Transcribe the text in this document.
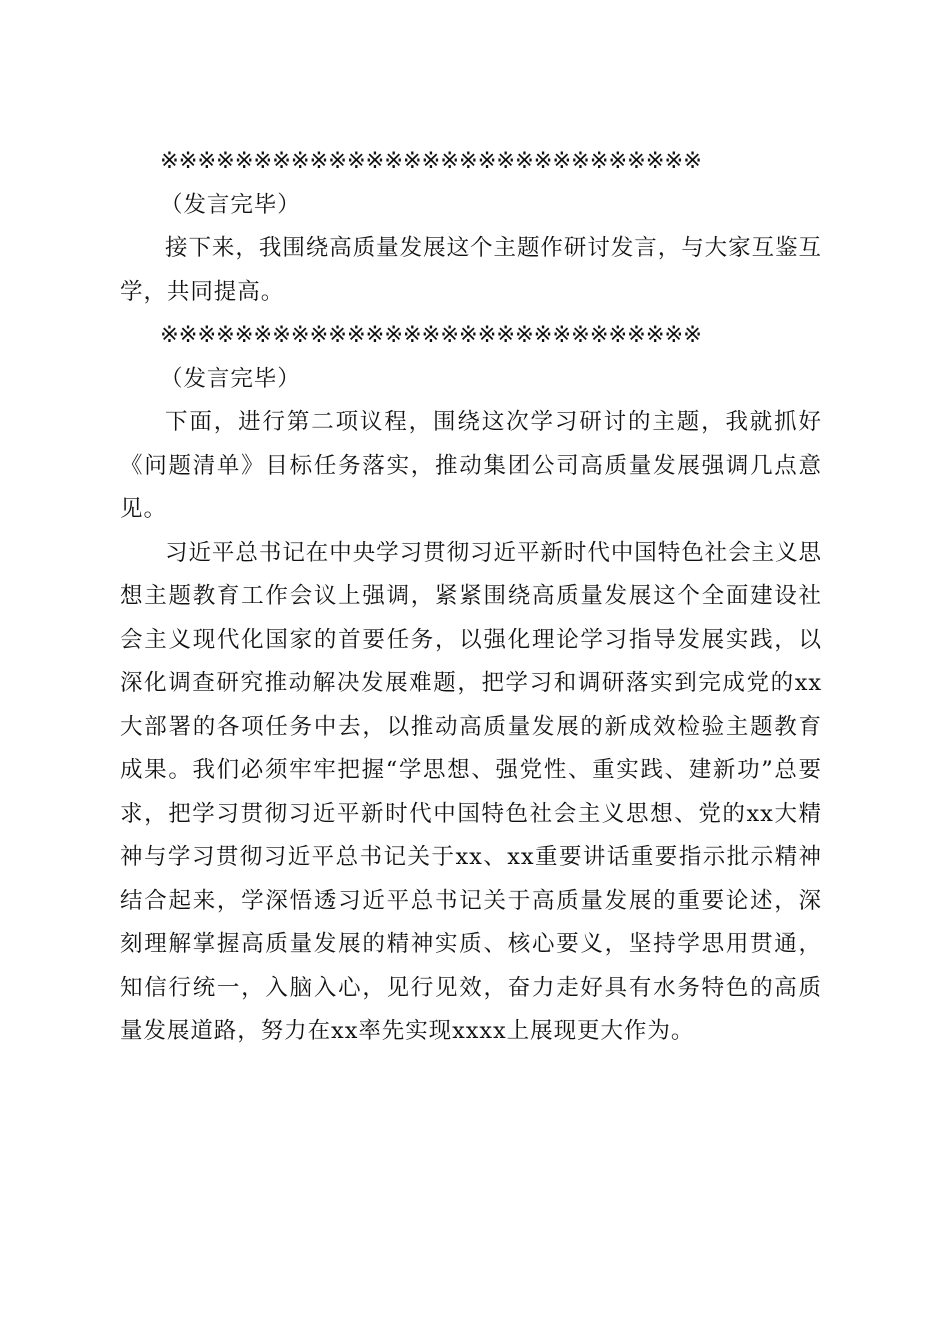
※※※※※※※※※※※※※※※※※※※※※※※※※※※※※

（发言完毕）

接下来，我围绕高质量发展这个主题作研讨发言，与大家互鉴互学，共同提高。

※※※※※※※※※※※※※※※※※※※※※※※※※※※※※

（发言完毕）

下面，进行第二项议程，围绕这次学习研讨的主题，我就抓好《问题清单》目标任务落实，推动集团公司高质量发展强调几点意见。

习近平总书记在中央学习贯彻习近平新时代中国特色社会主义思想主题教育工作会议上强调，紧紧围绕高质量发展这个全面建设社会主义现代化国家的首要任务，以强化理论学习指导发展实践，以深化调查研究推动解决发展难题，把学习和调研落实到完成党的xx大部署的各项任务中去，以推动高质量发展的新成效检验主题教育成果。我们必须牢牢把握“学思想、强党性、重实践、建新功”总要求，把学习贯彻习近平新时代中国特色社会主义思想、党的xx大精神与学习贯彻习近平总书记关于xx、xx重要讲话重要指示批示精神结合起来，学深悟透习近平总书记关于高质量发展的重要论述，深刻理解掌握高质量发展的精神实质、核心要义，坚持学思用贯通，知信行统一，入脑入心，见行见效，奋力走好具有水务特色的高质量发展道路，努力在xx率先实现xxxx上展现更大作为。
